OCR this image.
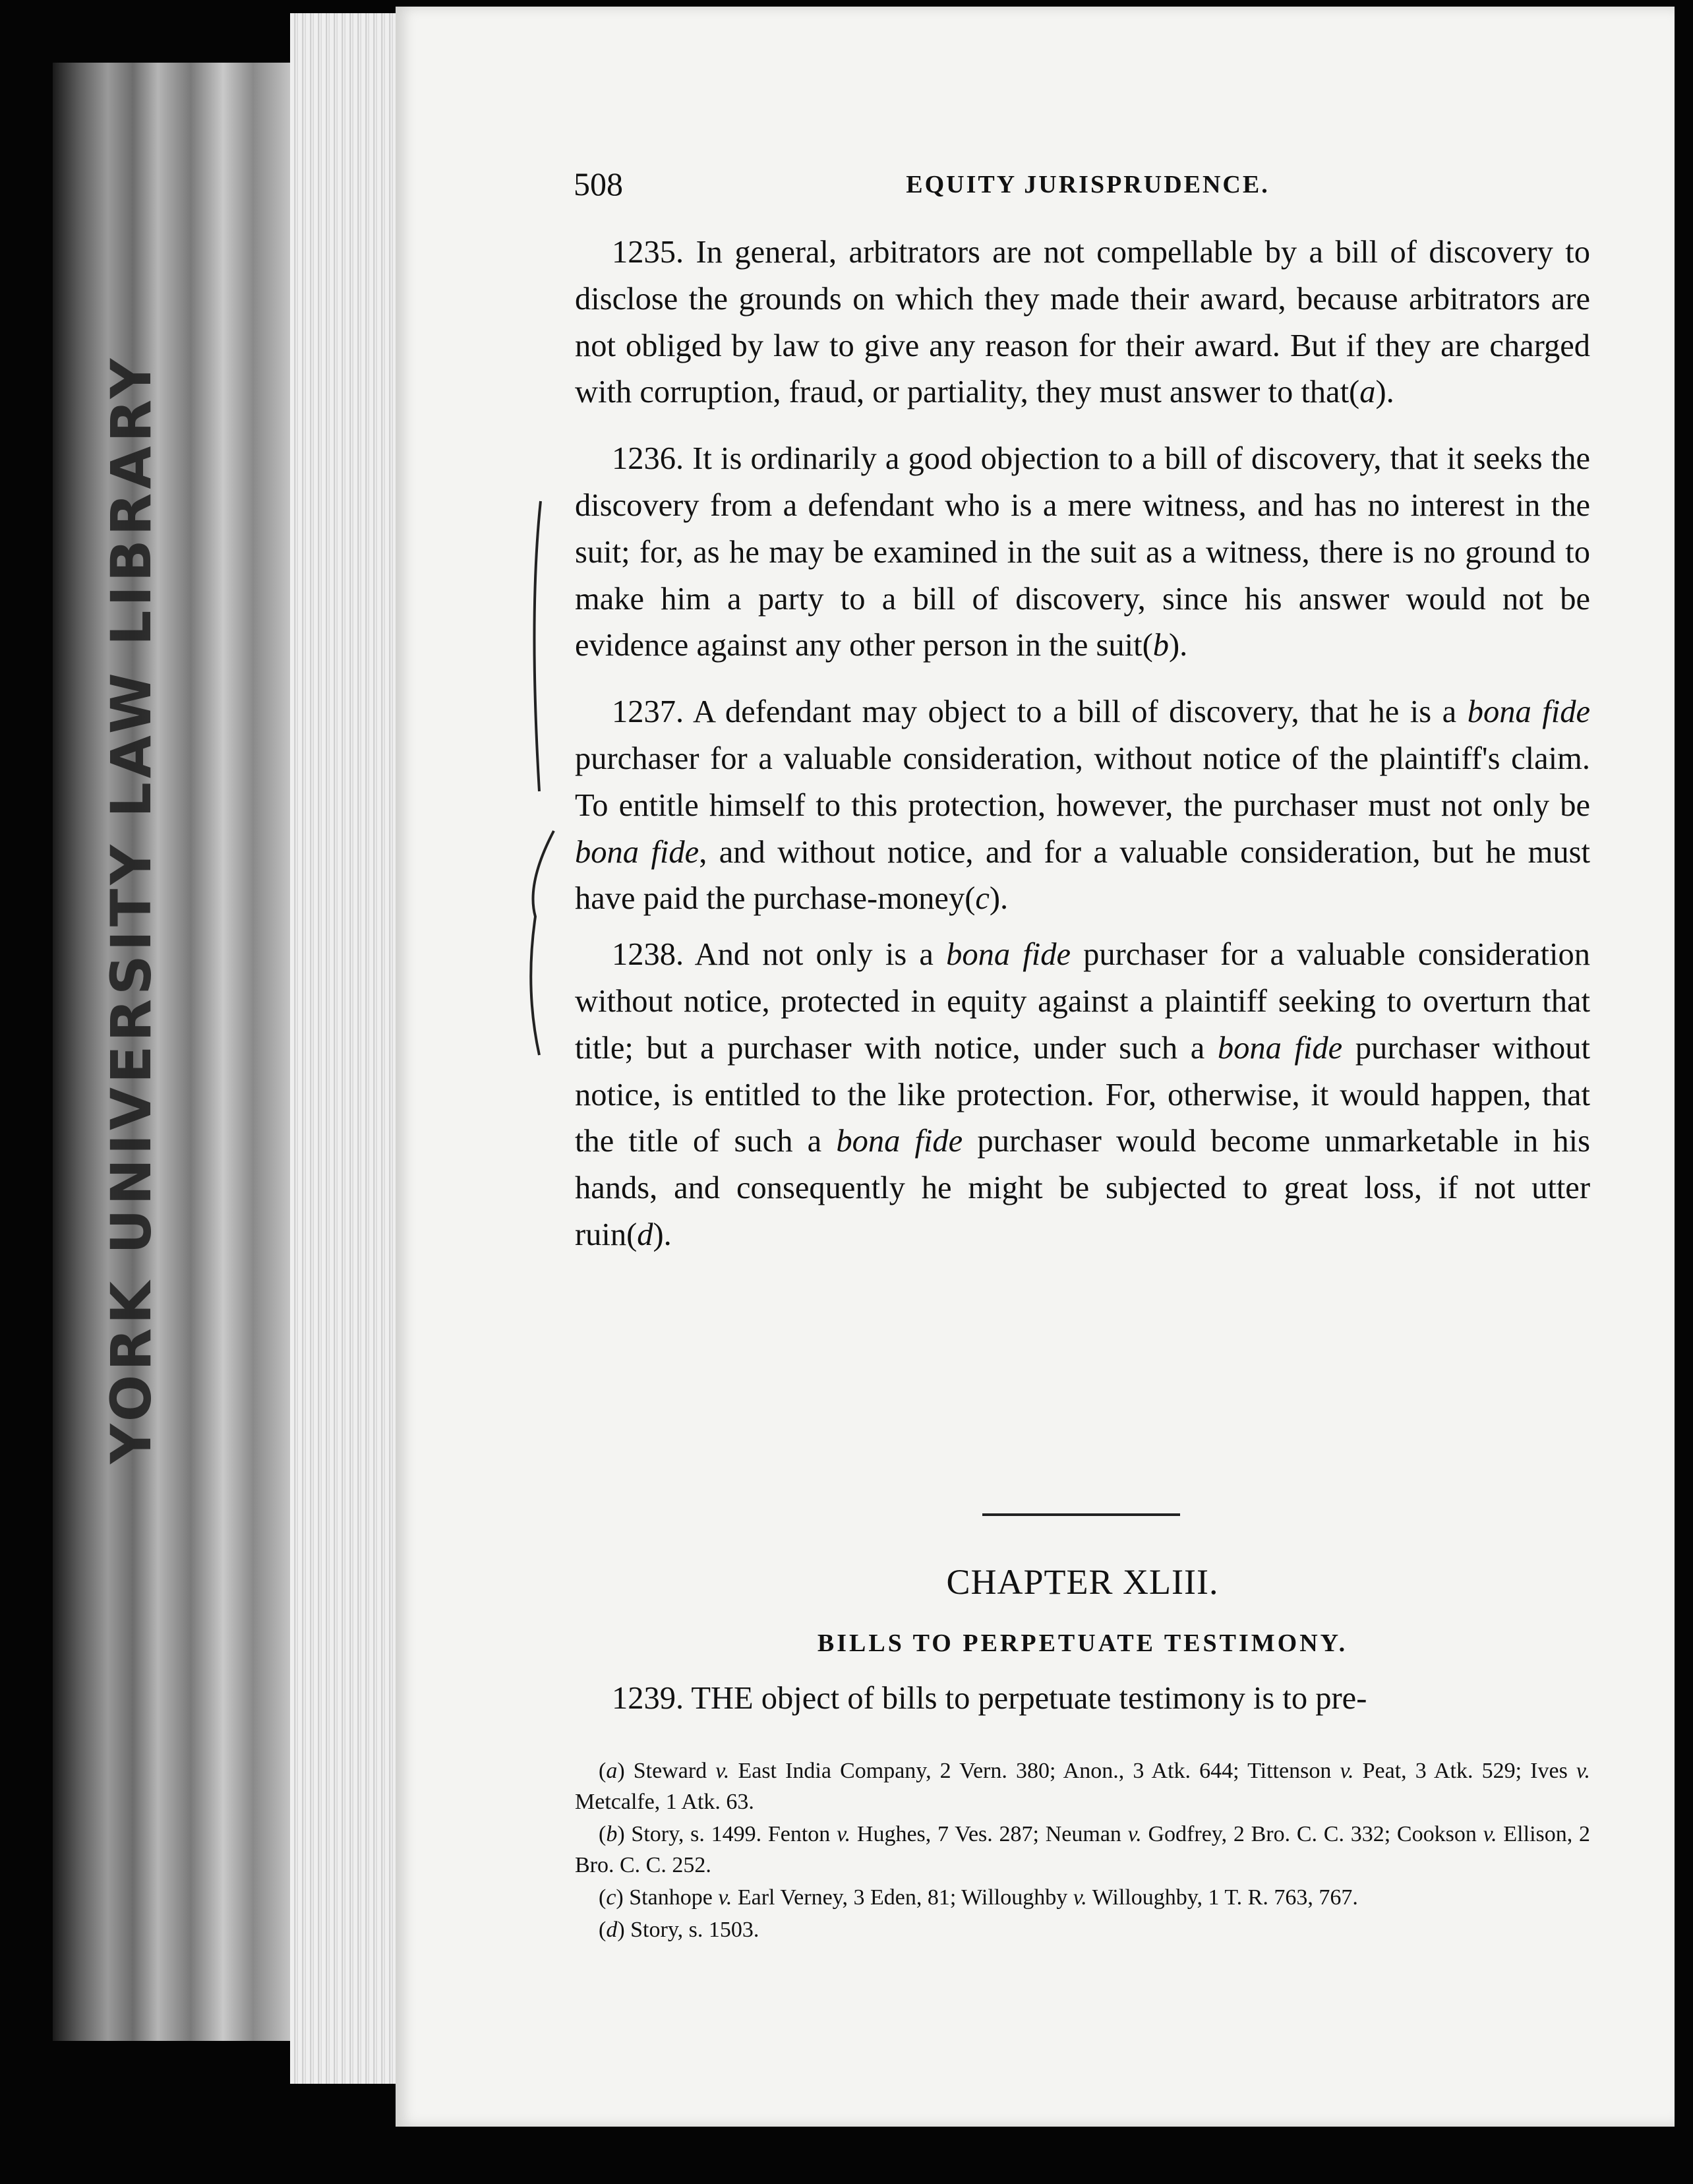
YORK UNIVERSITY LAW LIBRARY
508	EQUITY JURISPRUDENCE.

1235. In general, arbitrators are not compellable by a bill of discovery to disclose the grounds on which they made their award, because arbitrators are not obliged by law to give any reason for their award. But if they are charged with corruption, fraud, or partiality, they must answer to that(a).

1236. It is ordinarily a good objection to a bill of discovery, that it seeks the discovery from a defendant who is a mere witness, and has no interest in the suit; for, as he may be examined in the suit as a witness, there is no ground to make him a party to a bill of discovery, since his answer would not be evidence against any other person in the suit(b).

1237. A defendant may object to a bill of discovery, that he is a bona fide purchaser for a valuable consideration, without notice of the plaintiff's claim. To entitle himself to this protection, however, the purchaser must not only be bona fide, and without notice, and for a valuable consideration, but he must have paid the purchase-money(c).

1238. And not only is a bona fide purchaser for a valuable consideration without notice, protected in equity against a plaintiff seeking to overturn that title; but a purchaser with notice, under such a bona fide purchaser without notice, is entitled to the like protection. For, otherwise, it would happen, that the title of such a bona fide purchaser would become unmarketable in his hands, and consequently he might be subjected to great loss, if not utter ruin(d).

CHAPTER XLIII.
BILLS TO PERPETUATE TESTIMONY.
1239. THE object of bills to perpetuate testimony is to pre-

(a) Steward v. East India Company, 2 Vern. 380; Anon., 3 Atk. 644; Tittenson v. Peat, 3 Atk. 529; Ives v. Metcalfe, 1 Atk. 63.

(b) Story, s. 1499. Fenton v. Hughes, 7 Ves. 287; Neuman v. Godfrey, 2 Bro. C. C. 332; Cookson v. Ellison, 2 Bro. C. C. 252.

(c) Stanhope v. Earl Verney, 3 Eden, 81; Willoughby v. Willoughby, 1 T. R. 763, 767.

(d) Story, s. 1503.
